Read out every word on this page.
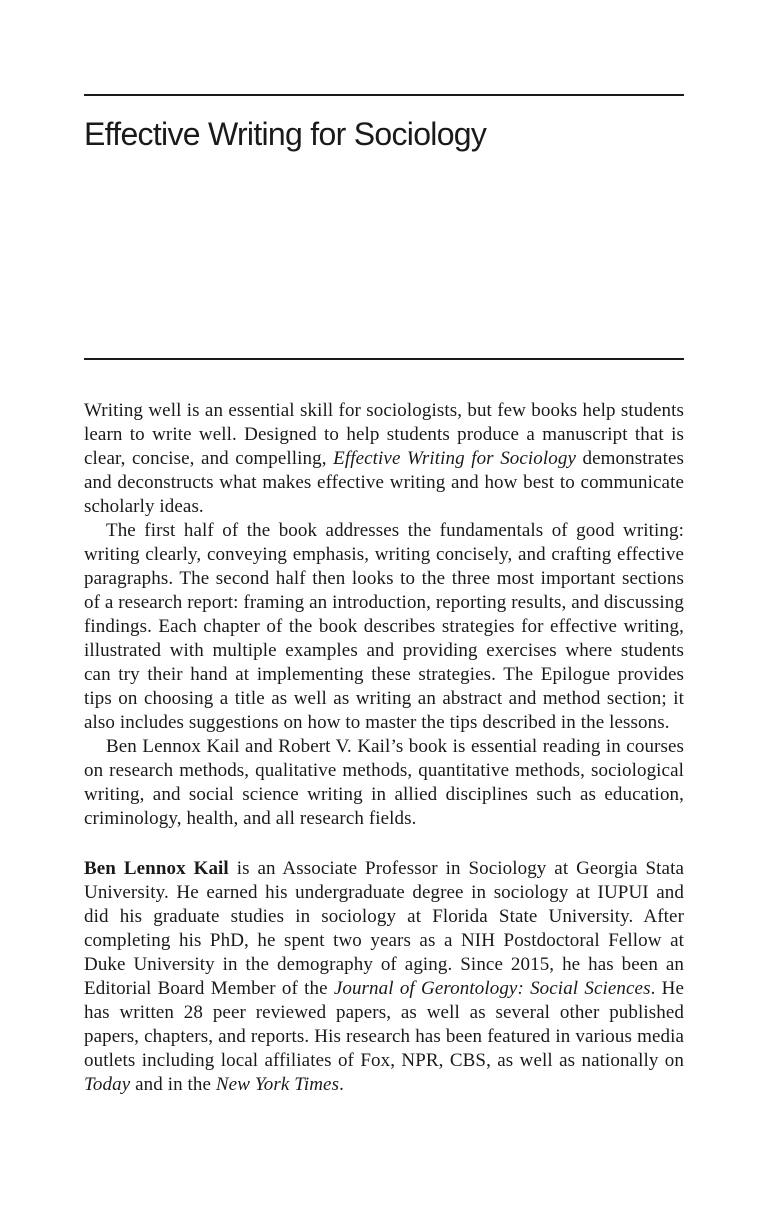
Effective Writing for Sociology

Writing well is an essential skill for sociologists, but few books help students learn to write well. Designed to help students produce a manuscript that is clear, concise, and compelling, Effective Writing for Sociology demonstrates and deconstructs what makes effective writing and how best to communicate scholarly ideas.

The first half of the book addresses the fundamentals of good writing: writing clearly, conveying emphasis, writing concisely, and crafting effective paragraphs. The second half then looks to the three most important sections of a research report: framing an introduction, reporting results, and discussing findings. Each chapter of the book describes strategies for effective writing, illustrated with multiple examples and providing exercises where students can try their hand at implementing these strategies. The Epilogue provides tips on choosing a title as well as writing an abstract and method section; it also includes suggestions on how to master the tips described in the lessons.

Ben Lennox Kail and Robert V. Kail’s book is essential reading in courses on research methods, qualitative methods, quantitative methods, sociological writing, and social science writing in allied disciplines such as education, criminology, health, and all research fields.

Ben Lennox Kail is an Associate Professor in Sociology at Georgia Stata University. He earned his undergraduate degree in sociology at IUPUI and did his graduate studies in sociology at Florida State University. After completing his PhD, he spent two years as a NIH Postdoctoral Fellow at Duke University in the demography of aging. Since 2015, he has been an Editorial Board Member of the Journal of Gerontology: Social Sciences. He has written 28 peer reviewed papers, as well as several other published papers, chapters, and reports. His research has been featured in various media outlets including local affiliates of Fox, NPR, CBS, as well as nationally on Today and in the New York Times.
